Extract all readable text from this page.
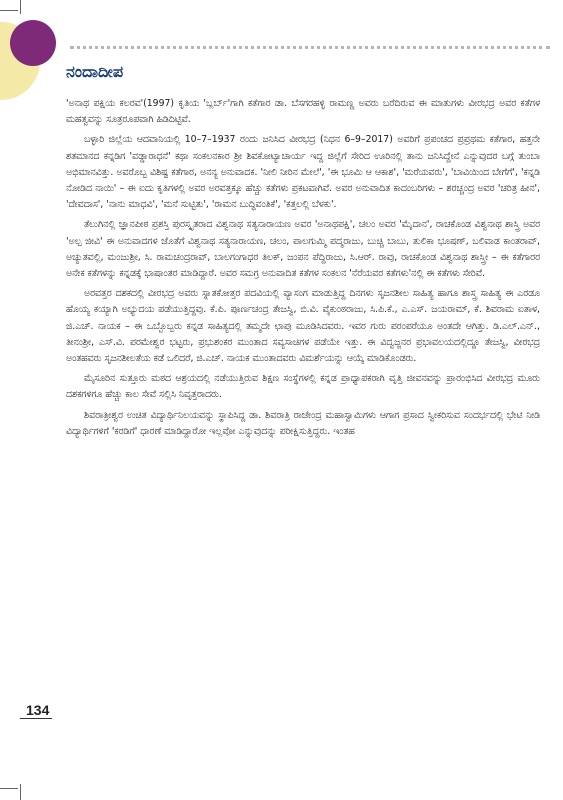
ನಂದಾದೀಪ

'ಅನಾಥ ಪಕ್ಷಿಯ ಕಲರವ'(1997) ಕೃತಿಯ 'ಬ್ಲರ್ಬ್'ಗಾಗಿ ಕತೆಗಾರ ಡಾ. ಬೆಸಗರಹಳ್ಳಿ ರಾಮಣ್ಣ ಅವರು ಬರೆದಿರುವ ಈ ಮಾತುಗಳು ವೀರಭದ್ರ ಅವರ ಕತೆಗಳ ಮಹತ್ವವನ್ನು ಸೂತ್ರರೂಪವಾಗಿ ಹಿಡಿದಿಟ್ಟಿವೆ.

ಬಳ್ಳಾರಿ ಜಿಲ್ಲೆಯ ಆದವಾನಿಯಲ್ಲಿ 10–7–1937 ರಂದು ಜನಿಸಿದ ವೀರಭದ್ರ (ನಿಧನ 6–9–2017) ಅವರಿಗೆ ಪ್ರಪಂಚದ ಪ್ರಪ್ರಥಮ ಕತೆಗಾರ, ಹತ್ತನೇ ಶತಮಾನದ ಕನ್ನಡಿಗ 'ವಡ್ಡಾರಾಧನೆ' ಕಥಾ ಸಂಕಲನಕಾರ ಶ್ರೀ ಶಿವಕೋಟ್ಯಾಚಾರ್ಯ ಇದ್ದ ಜಿಲ್ಲೆಗೆ ಸೇರಿದ ಊರಿನಲ್ಲಿ ತಾನು ಜನಿಸಿದ್ದೇನೆ ಎನ್ನುವುದರ ಬಗ್ಗೆ ತುಂಬಾ ಅಭಿಮಾನವಿತ್ತು. ಅವರೊಬ್ಬ ವಿಶಿಷ್ಟ ಕತೆಗಾರ, ಅನನ್ಯ ಅನುವಾದಕ. 'ನೀಲಿ ನೀರಿನ ಮೇಲೆ', 'ಈ ಭೂಮಿ ಆ ಆಕಾಶ', 'ಮರೆಯವರು', 'ಬಾವಿಯಿಂದ ಬೇಗೆಗೆ', 'ಕನ್ನಡಿ ನೋಡಿದ ನಾಯಿ' – ಈ ಐದು ಕೃತಿಗಳಲ್ಲಿ ಅವರ ಅರವತ್ತಕ್ಕೂ ಹೆಚ್ಚು ಕತೆಗಳು ಪ್ರಕಟವಾಗಿವೆ. ಅವರ ಅನುವಾದಿತ ಕಾದಂಬರಿಗಳು – ಶರಚ್ಚಂದ್ರ ಅವರ 'ಚರಿತ್ರ ಹೀನ', 'ದೇವದಾಸ', 'ನಾನು ಮಾಧವಿ', 'ಮನೆ ಸುಟ್ಟಿತು', 'ರಾಮನ ಬುದ್ಧಿವಂತಿಕೆ', 'ಕತ್ತಲಲ್ಲಿ ಬೆಳಕು'.

ತೆಲುಗಿನಲ್ಲಿ ಜ್ಞಾನಪೀಠ ಪ್ರಶಸ್ತಿ ಪುರಸ್ಕೃತರಾದ ವಿಶ್ವನಾಥ ಸತ್ಯನಾರಾಯಣ ಅವರ 'ಅನಾಥಪಕ್ಷಿ', ಚಲಂ ಅವರ 'ಮೈದಾನ', ರಾಚಕೊಂಡ ವಿಶ್ವನಾಥ ಶಾಸ್ತ್ರಿ ಅವರ 'ಅಲ್ಪ ಜೀವಿ' ಈ ಅನುವಾದಗಳ ಜೊತೆಗೆ ವಿಶ್ವನಾಥ ಸತ್ಯನಾರಾಯಣ, ಚಲಂ, ಪಾಲಗುಮ್ಮಿ ಪದ್ಮರಾಜು, ಬುಚ್ಚಿ ಬಾಬು, ತುಲಿಕಾ ಭೂಷಣ್, ಬಲಿವಾಡ ಕಾಂತರಾವ್, ಅಚ್ಯುತವಲ್ಲಿ, ಮಂಜುಶ್ರೀ, ಸಿ. ರಾಮಚಂದ್ರರಾವ್, ಬಾಲಗಂಗಾಧರ ತಿಲಕ್, ಜಂಪನ ಪೆದ್ದಿರಾಜು, ಸಿ.ಆರ್. ರಾವು, ರಾಚಕೊಂಡ ವಿಶ್ವನಾಥ ಶಾಸ್ತ್ರೀ – ಈ ಕತೆಗಾರರ ಅನೇಕ ಕತೆಗಳನ್ನು ಕನ್ನಡಕ್ಕೆ ಭಾಷಾಂತರ ಮಾಡಿದ್ದಾರೆ. ಅವರ ಸಮಗ್ರ ಅನುವಾದಿತ ಕತೆಗಳ ಸಂಕಲನ 'ನೆರೆಯವರ ಕತೆಗಳು'ನಲ್ಲಿ ಈ ಕತೆಗಳು ಸೇರಿವೆ.

ಅರವತ್ತರ ದಶಕದಲ್ಲಿ ವೀರಭದ್ರ ಅವರು ಸ್ನಾತಕೋತ್ತರ ಪದವಿಯಲ್ಲಿ ವ್ಯಾಸಂಗ ಮಾಡುತ್ತಿದ್ದ ದಿನಗಳು ಸೃಜನಶೀಲ ಸಾಹಿತ್ಯ ಹಾಗೂ ಶಾಸ್ತ್ರ ಸಾಹಿತ್ಯ ಈ ಎರಡೂ ಹೊಯ್ಯ ಕಯ್ಯಾಗಿ ಅಭ್ಯುದಯ ಪಡೆಯುತ್ತಿದ್ದವು. ಕೆ.ಪಿ. ಪೂರ್ಣಚಂದ್ರ ತೇಜಸ್ವಿ, ಬಿ.ವಿ. ವೈಕುಂಠರಾಜು, ಸಿ.ಪಿ.ಕೆ., ಎ.ಎಸ್. ಜಯರಾಮ್, ಕೆ. ಶಿವರಾಮ ಐತಾಳ, ಜಿ.ಎಚ್. ನಾಯಕ – ಈ ಒಬ್ಬೊಬ್ಬರು ಕನ್ನಡ ಸಾಹಿತ್ಯದಲ್ಲಿ ತಮ್ಮದೇ ಛಾಪು ಮೂಡಿಸಿದವರು. ಇವರ ಗುರು ಪರಂಪರೆಯೂ ಅಂತದೇ ಆಗಿತ್ತು. ಡಿ.ಎಲ್.ಎನ್., ತೀನಂಶ್ರೀ, ಎಸ್.ವಿ. ಪರಮೇಶ್ವರ ಭಟ್ಟರು, ಪ್ರಭುಶಂಕರ ಮುಂತಾದ ಸವ್ಯಸಾಚಿಗಳ ಪಡೆಯೇ ಇತ್ತು. ಈ ವಿದ್ವಜ್ಜನರ ಪ್ರಭಾವಲಯದಲ್ಲಿದ್ದೂ ತೇಜಸ್ವಿ, ವೀರಭದ್ರ ಅಂತಹವರು ಸೃಜನಶೀಲತೆಯ ಕಡೆ ಒಲಿದರೆ, ಜಿ.ಎಚ್. ನಾಯಕ ಮುಂತಾದವರು ವಿಮರ್ಶೆಯನ್ನು ಆಯ್ಕೆ ಮಾಡಿಕೊಂಡರು.

ಮೈಸೂರಿನ ಸುತ್ತೂರು ಮಠದ ಆಶ್ರಯದಲ್ಲಿ ನಡೆಯುತ್ತಿರುವ ಶಿಕ್ಷಣ ಸಂಸ್ಥೆಗಳಲ್ಲಿ ಕನ್ನಡ ಪ್ರಾಧ್ಯಾಪಕರಾಗಿ ವೃತ್ತಿ ಜೀವನವನ್ನು ಪ್ರಾರಂಭಿಸಿದ ವೀರಭದ್ರ ಮೂರು ದಶಕಗಳಿಗೂ ಹೆಚ್ಚು ಕಾಲ ಸೇವೆ ಸಲ್ಲಿಸಿ ನಿವೃತ್ತರಾದರು.

ಶಿವರಾತ್ರೀಶ್ವರ ಉಚಿತ ವಿದ್ಯಾರ್ಥಿನಿಲಯವನ್ನು ಸ್ಥಾಪಿಸಿದ್ದ ಡಾ. ಶಿವರಾತ್ರಿ ರಾಜೇಂದ್ರ ಮಹಾಸ್ವಾಮಿಗಳು ಆಗಾಗ ಪ್ರಸಾದ ಸ್ವೀಕರಿಸುವ ಸಂದರ್ಭದಲ್ಲಿ ಭೇಟಿ ನೀಡಿ ವಿದ್ಯಾರ್ಥಿಗಳಿಗೆ 'ಕರಡಿಗೆ' ಧಾರಣೆ ಮಾಡಿದ್ದಾರೋ ಇಲ್ಲವೋ ಎನ್ನುವುದನ್ನು ಪರೀಕ್ಷಿಸುತ್ತಿದ್ದರು. ಇಂತಹ

134
